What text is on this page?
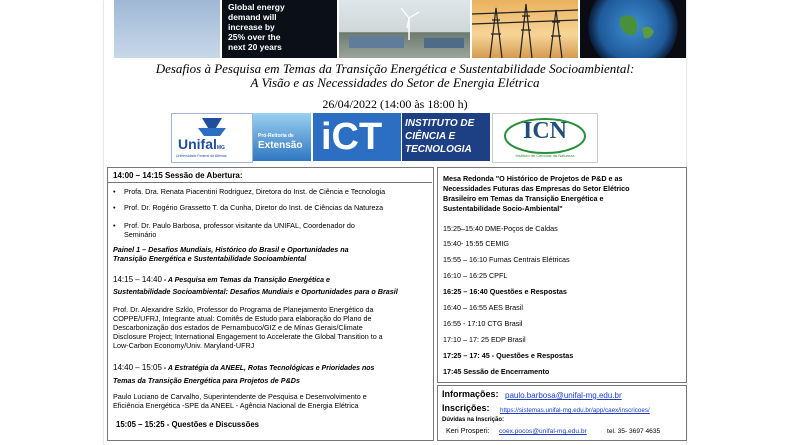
Global energy
demand will
increase by
25% over the
next 20 years
Desafios à Pesquisa em Temas da Transição Energética e Sustentabilidade Socioambiental:
A Visão e as Necessidades do Setor de Energia Elétrica
26/04/2022 (14:00 às 18:00 h)
UnifalMG
Universidade Federal de Alfenas
Pró-Reitoria de
Extensão iCT INSTITUTO DE
CIÊNCIA E
TECNOLOGIA
ICN
Instituto de Ciências da Natureza
14:00 – 14:15 Sessão de Abertura:
• Profa. Dra. Renata Piacentini Rodriguez, Diretora do Inst. de Ciência e Tecnologia
• Prof. Dr. Rogério Grassetto T. da Cunha, Diretor do Inst. de Ciências da Natureza
• Prof. Dr. Paulo Barbosa, professor visitante da UNIFAL, Coordenador do
Seminário
Painel 1 – Desafios Mundiais, Histórico do Brasil e Oportunidades na
Transição Energética e Sustentabilidade Socioambiental
14:15 – 14:40 - A Pesquisa em Temas da Transição Energética e
Sustentabilidade Socioambiental: Desafios Mundiais e Oportunidades para o Brasil
Prof. Dr. Alexandre Szklo, Professor do Programa de Planejamento Energético da
COPPE/UFRJ, Integrante atual: Comitês de Estudo para elaboração do Plano de
Descarbonização dos estados de Pernambuco/GIZ e de Minas Gerais/Climate
Disclosure Project; International Engagement to Accelerate the Global Transition to a
Low-Carbon Economy/Univ. Maryland-UFRJ
14:40 – 15:05 - A Estratégia da ANEEL, Rotas Tecnológicas e Prioridades nos
Temas da Transição Energética para Projetos de P&Ds
Paulo Luciano de Carvalho, Superintendente de Pesquisa e Desenvolvimento e
Eficiência Energética -SPE da ANEEL - Agência Nacional de Energia Elétrica
15:05 – 15:25 - Questões e Discussões
Mesa Redonda "O Histórico de Projetos de P&D e as
Necessidades Futuras das Empresas do Setor Elétrico
Brasileiro em Temas da Transição Energética e
Sustentabilidade Socio-Ambiental"
15:25–15:40 DME-Poços de Caldas
15:40- 15:55 CEMIG
15:55 – 16:10 Furnas Centrais Elétricas
16:10 – 16:25 CPFL
16:25 – 16:40 Questões e Respostas
16:40 – 16:55 AES Brasil
16:55 - 17:10 CTG Brasil
17:10 – 17: 25 EDP Brasil
17:25 – 17: 45 - Questões e Respostas
17:45 Sessão de Encerramento
Informações: paulo.barbosa@unifal-mg.edu.br
Inscrições: https://sistemas.unifal-mg.edu.br/app/caex/inscricoes/
Dúvidas na Inscrição:
Keri Prosperi: coex.pocos@unifal-mg.edu.br	tel. 35- 3697 4635
